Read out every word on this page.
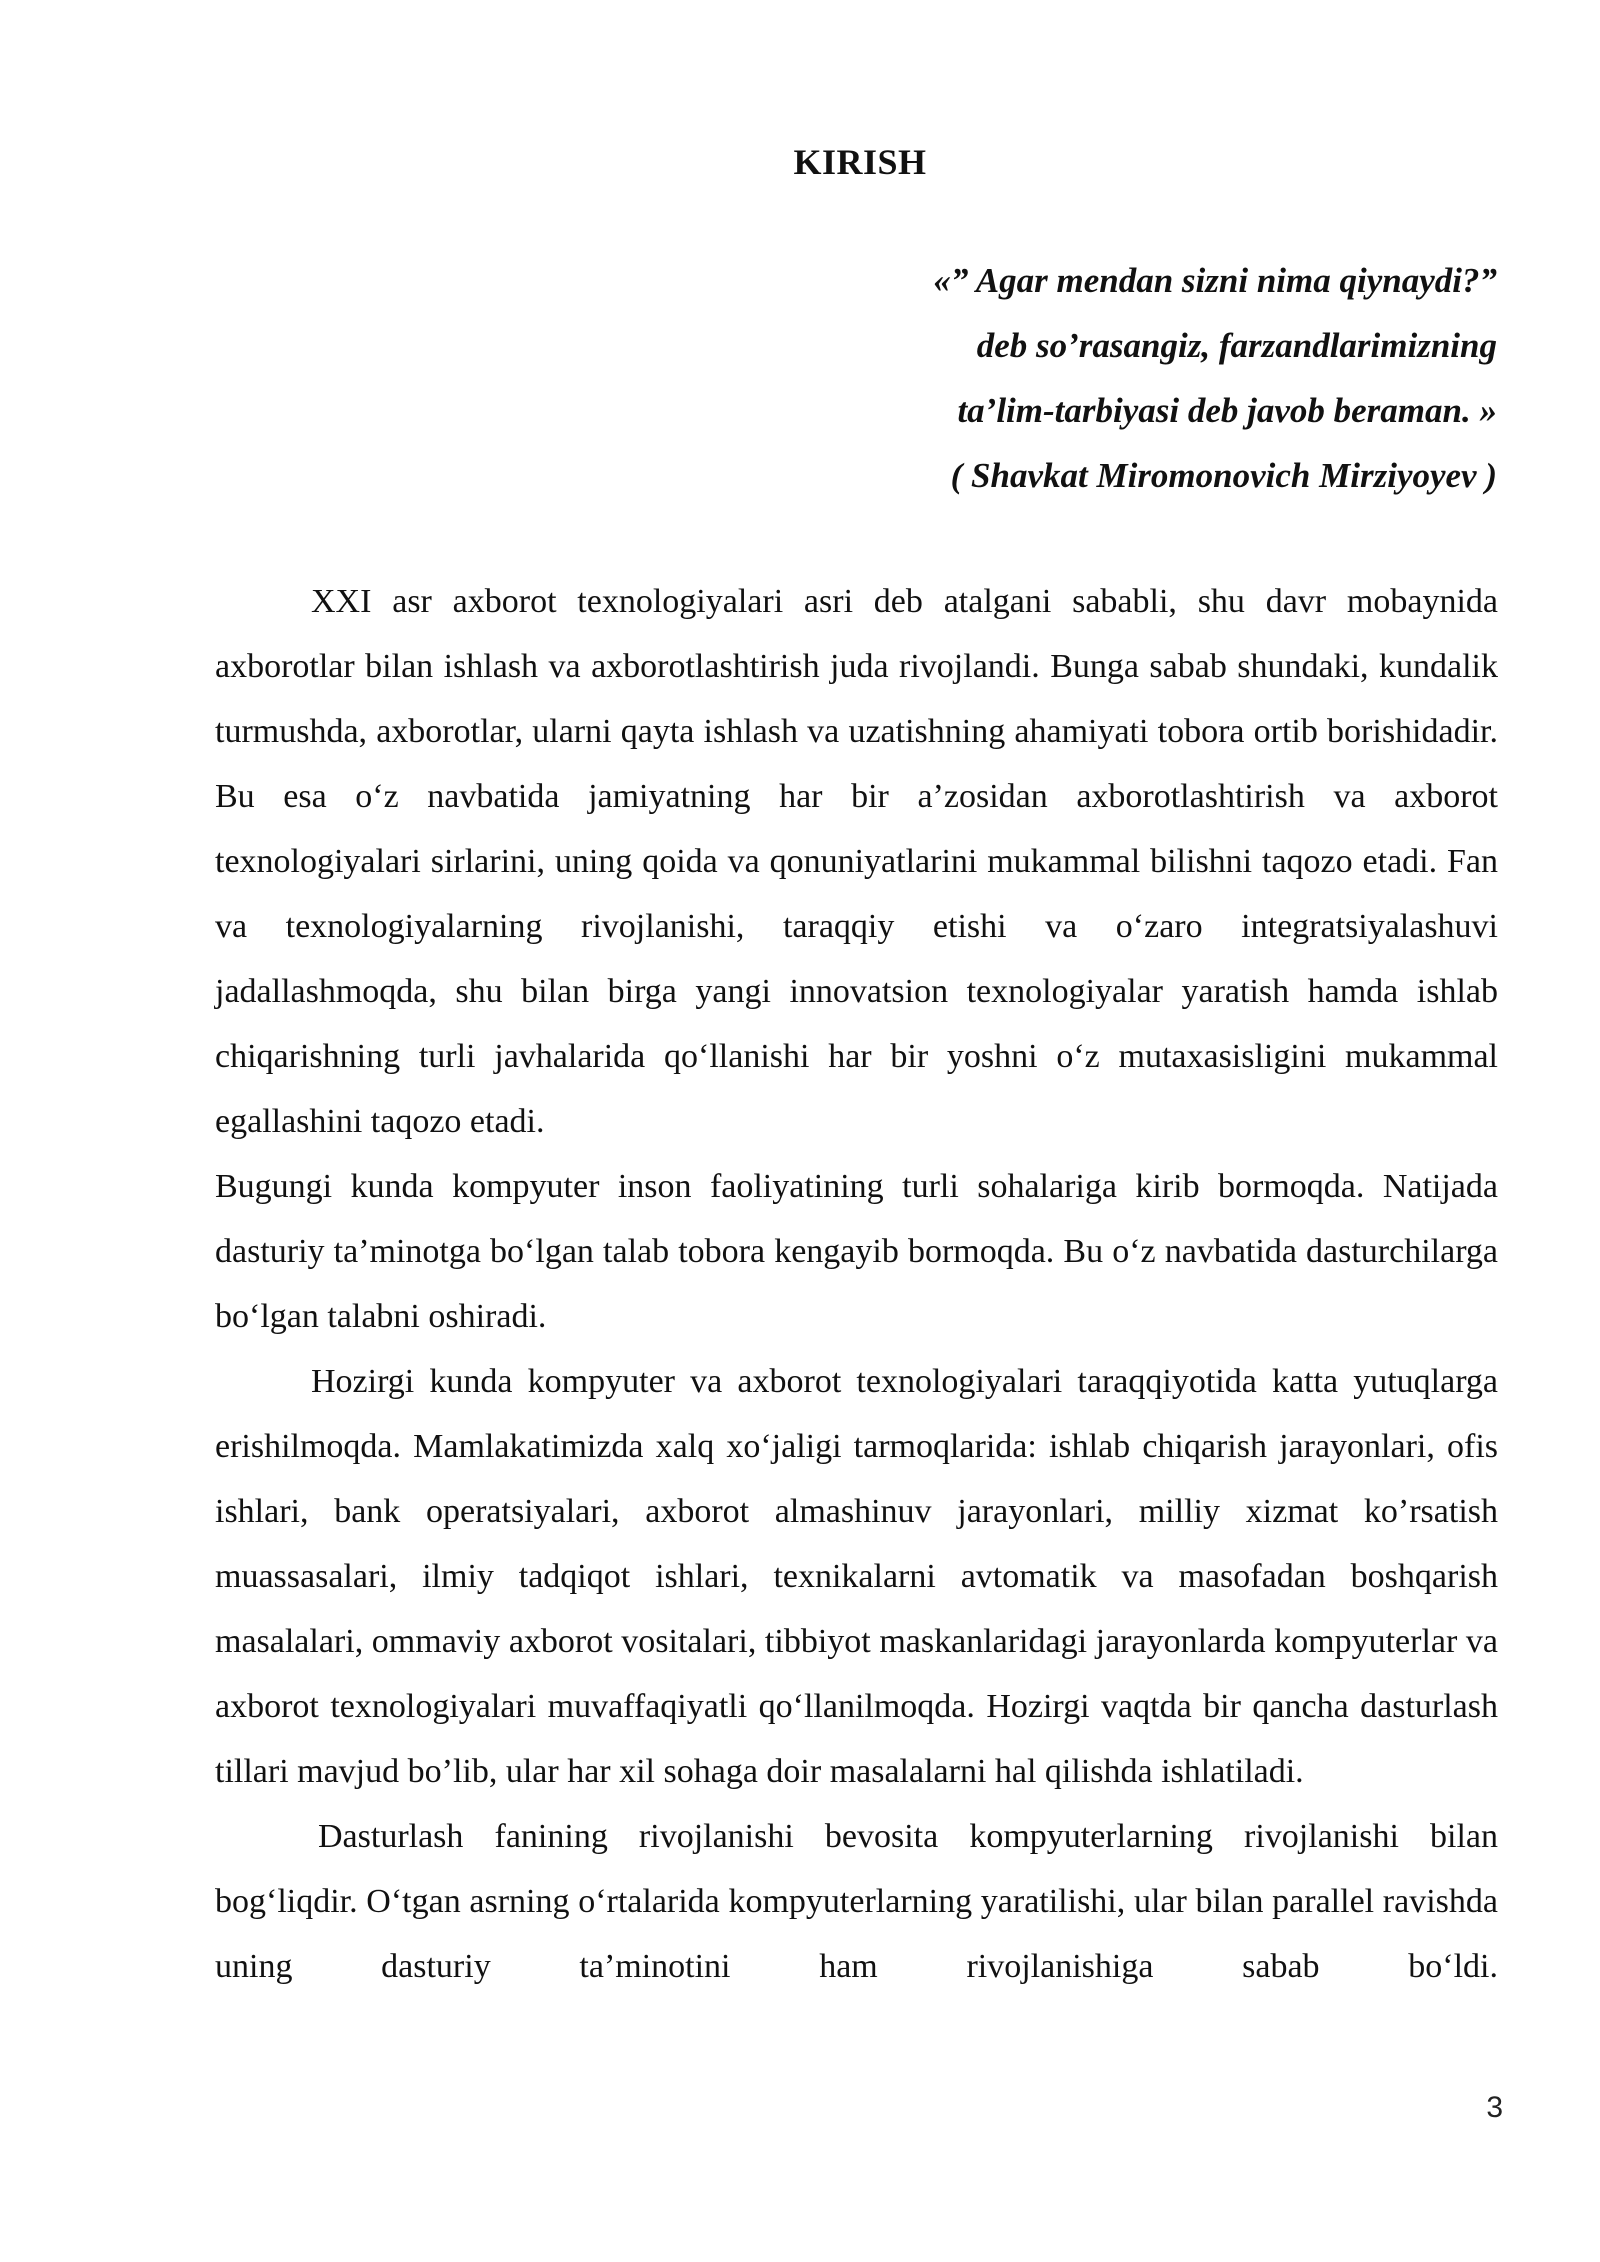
KIRISH
«” Agar mendan sizni nima qiynaydi?”
deb so’rasangiz, farzandlarimizning
ta’lim-tarbiyasi deb javob beraman. »
( Shavkat Miromonovich Mirziyoyev )

XXI asr axborot texnologiyalari asri deb atalgani sababli, shu davr mobaynida axborotlar bilan ishlash va axborotlashtirish juda rivojlandi. Bunga sabab shundaki, kundalik turmushda, axborotlar, ularni qayta ishlash va uzatishning ahamiyati tobora ortib borishidadir. Bu esa o‘z navbatida jamiyatning har bir a’zosidan axborotlashtirish va axborot texnologiyalari sirlarini, uning qoida va qonuniyatlarini mukammal bilishni taqozo etadi. Fan va texnologiyalarning rivojlanishi, taraqqiy etishi va o‘zaro integratsiyalashuvi jadallashmoqda, shu bilan birga yangi innovatsion texnologiyalar yaratish hamda ishlab chiqarishning turli javhalarida qo‘llanishi har bir yoshni o‘z mutaxasisligini mukammal egallashini taqozo etadi.

Bugungi kunda kompyuter inson faoliyatining turli sohalariga kirib bormoqda. Natijada dasturiy ta’minotga bo‘lgan talab tobora kengayib bormoqda. Bu o‘z navbatida dasturchilarga bo‘lgan talabni oshiradi.

Hozirgi kunda kompyuter va axborot texnologiyalari taraqqiyotida katta yutuqlarga erishilmoqda. Mamlakatimizda xalq xo‘jaligi tarmoqlarida: ishlab chiqarish jarayonlari, ofis ishlari, bank operatsiyalari, axborot almashinuv jarayonlari, milliy xizmat ko’rsatish muassasalari, ilmiy tadqiqot ishlari, texnikalarni avtomatik va masofadan boshqarish masalalari, ommaviy axborot vositalari, tibbiyot maskanlaridagi jarayonlarda kompyuterlar va axborot texnologiyalari muvaffaqiyatli qo‘llanilmoqda. Hozirgi vaqtda bir qancha dasturlash tillari mavjud bo’lib, ular har xil sohaga doir masalalarni hal qilishda ishlatiladi.

Dasturlash fanining rivojlanishi bevosita kompyuterlarning rivojlanishi bilan bog‘liqdir. O‘tgan asrning o‘rtalarida kompyuterlarning yaratilishi, ular bilan parallel ravishda uning dasturiy ta’minotini ham rivojlanishiga sabab bo‘ldi.

3
